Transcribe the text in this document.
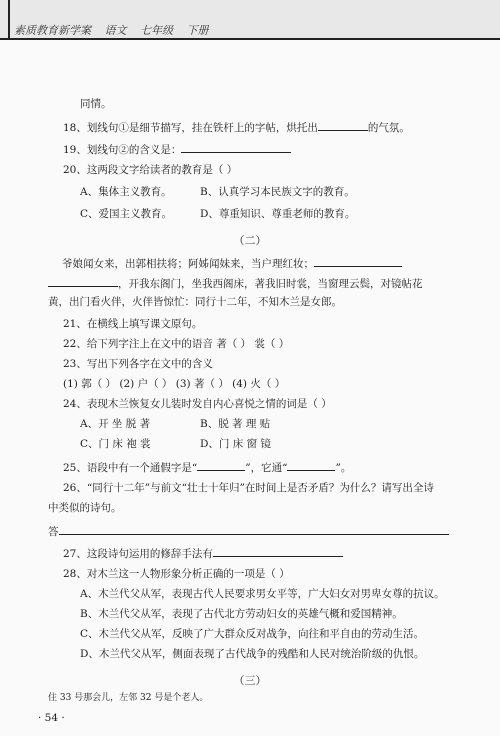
素质教育新学案 语文 七年级 下册
同情。
18、划线句①是细节描写，挂在铁杆上的字帖，烘托出	的气氛。
19、划线句②的含义是：
20、这两段文字给读者的教育是（ ）
A、集体主义教育。	B、认真学习本民族文字的教育。
C、爱国主义教育。	D、尊重知识、尊重老师的教育。
（二）
爷娘闻女来，出郭相扶将；阿姊闻妹来，当户理红妆；
，开我东阁门，坐我西阁床，著我旧时裳，当窗理云鬓，对镜帖花
黄，出门看火伴，火伴皆惊忙：同行十二年，不知木兰是女郎。
21、在横线上填写课文原句。
22、给下列字注上在文中的语音 著（ ） 裳（ ）
23、写出下列各字在文中的含义
(1) 郭（ ） (2) 户（ ） (3) 著（ ） (4) 火（ ）
24、表现木兰恢复女儿装时发自内心喜悦之情的词是（ ）
A、开 坐 脱 著	B、脱 著 理 贴
C、门 床 袍 裳	D、门 床 窗 镜
25、语段中有一个通假字是“	”，它通“	”。
26、“同行十二年”与前文“壮士十年归”在时间上是否矛盾？为什么？请写出全诗
中类似的诗句。
答
27、这段诗句运用的修辞手法有
28、对木兰这一人物形象分析正确的一项是（ ）
A、木兰代父从军，表现古代人民要求男女平等，广大妇女对男卑女尊的抗议。
B、木兰代父从军，表现了古代北方劳动妇女的英雄气概和爱国精神。
C、木兰代父从军，反映了广大群众反对战争，向往和平自由的劳动生活。
D、木兰代父从军，侧面表现了古代战争的残酷和人民对统治阶级的仇恨。
（三）
住 33 号那会儿，左邻 32 号是个老人。
· 54 ·
